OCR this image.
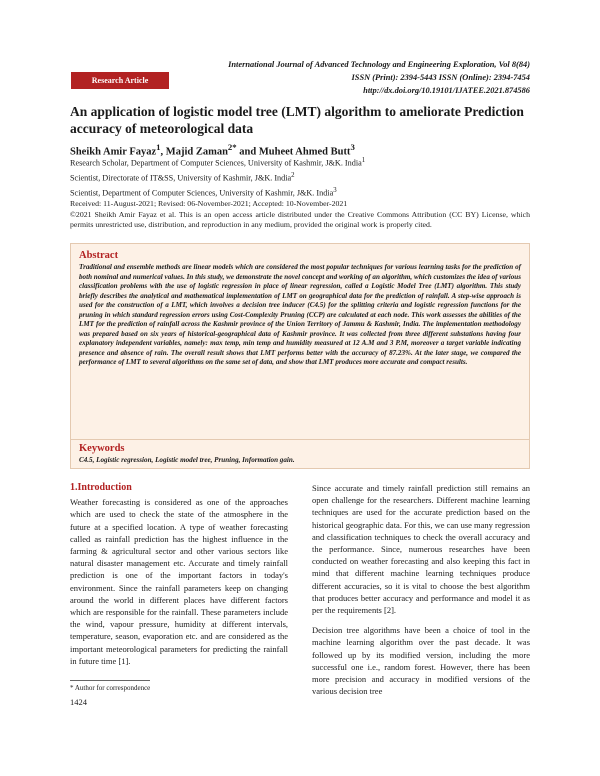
International Journal of Advanced Technology and Engineering Exploration, Vol 8(84)
ISSN (Print): 2394-5443 ISSN (Online): 2394-7454
http://dx.doi.org/10.19101/IJATEE.2021.874586
Research Article
An application of logistic model tree (LMT) algorithm to ameliorate Prediction accuracy of meteorological data
Sheikh Amir Fayaz$^1$, Majid Zaman$^{2*}$ and Muheet Ahmed Butt$^3$
Research Scholar, Department of Computer Sciences, University of Kashmir, J&K. India$^1$
Scientist, Directorate of IT&SS, University of Kashmir, J&K. India$^2$
Scientist, Department of Computer Sciences, University of Kashmir, J&K. India$^3$
Received: 11-August-2021; Revised: 06-November-2021; Accepted: 10-November-2021
©2021 Sheikh Amir Fayaz et al. This is an open access article distributed under the Creative Commons Attribution (CC BY) License, which permits unrestricted use, distribution, and reproduction in any medium, provided the original work is properly cited.
Abstract

Traditional and ensemble methods are linear models which are considered the most popular techniques for various learning tasks for the prediction of both nominal and numerical values. In this study, we demonstrate the novel concept and working of an algorithm, which customizes the idea of various classification problems with the use of logistic regression in place of linear regression, called a Logistic Model Tree (LMT) algorithm. This study briefly describes the analytical and mathematical implementation of LMT on geographical data for the prediction of rainfall. A step-wise approach is used for the construction of a LMT, which involves a decision tree inducer (C4.5) for the splitting criteria and logistic regression functions for the pruning in which standard regression errors using Cost-Complexity Pruning (CCP) are calculated at each node. This work assesses the abilities of the LMT for the prediction of rainfall across the Kashmir province of the Union Territory of Jammu & Kashmir, India. The implementation methodology was prepared based on six years of historical-geographical data of Kashmir province. It was collected from three different substations having four explanatory independent variables, namely: max temp, min temp and humidity measured at 12 A.M and 3 P.M, moreover a target variable indicating presence and absence of rain. The overall result shows that LMT performs better with the accuracy of 87.23%. At the later stage, we compared the performance of LMT to several algorithms on the same set of data, and show that LMT produces more accurate and compact results.

Keywords
C4.5, Logistic regression, Logistic model tree, Pruning, Information gain.
1.Introduction

Weather forecasting is considered as one of the approaches which are used to check the state of the atmosphere in the future at a specified location. A type of weather forecasting called as rainfall prediction has the highest influence in the farming & agricultural sector and other various sectors like natural disaster management etc. Accurate and timely rainfall prediction is one of the important factors in today's environment. Since the rainfall parameters keep on changing around the world in different places have different factors which are responsible for the rainfall. These parameters include the wind, vapour pressure, humidity at different intervals, temperature, season, evaporation etc. and are considered as the important meteorological parameters for predicting the rainfall in future time [1].

Since accurate and timely rainfall prediction still remains an open challenge for the researchers. Different machine learning techniques are used for the accurate prediction based on the historical geographic data. For this, we can use many regression and classification techniques to check the overall accuracy and the performance. Since, numerous researches have been conducted on weather forecasting and also keeping this fact in mind that different machine learning techniques produce different accuracies, so it is vital to choose the best algorithm that produces better accuracy and performance and model it as per the requirements [2].

Decision tree algorithms have been a choice of tool in the machine learning algorithm over the past decade. It was followed up by its modified version, including the more successful one i.e., random forest. However, there has been more precision and accuracy in modified versions of the various decision tree

* Author for correspondence
1424
